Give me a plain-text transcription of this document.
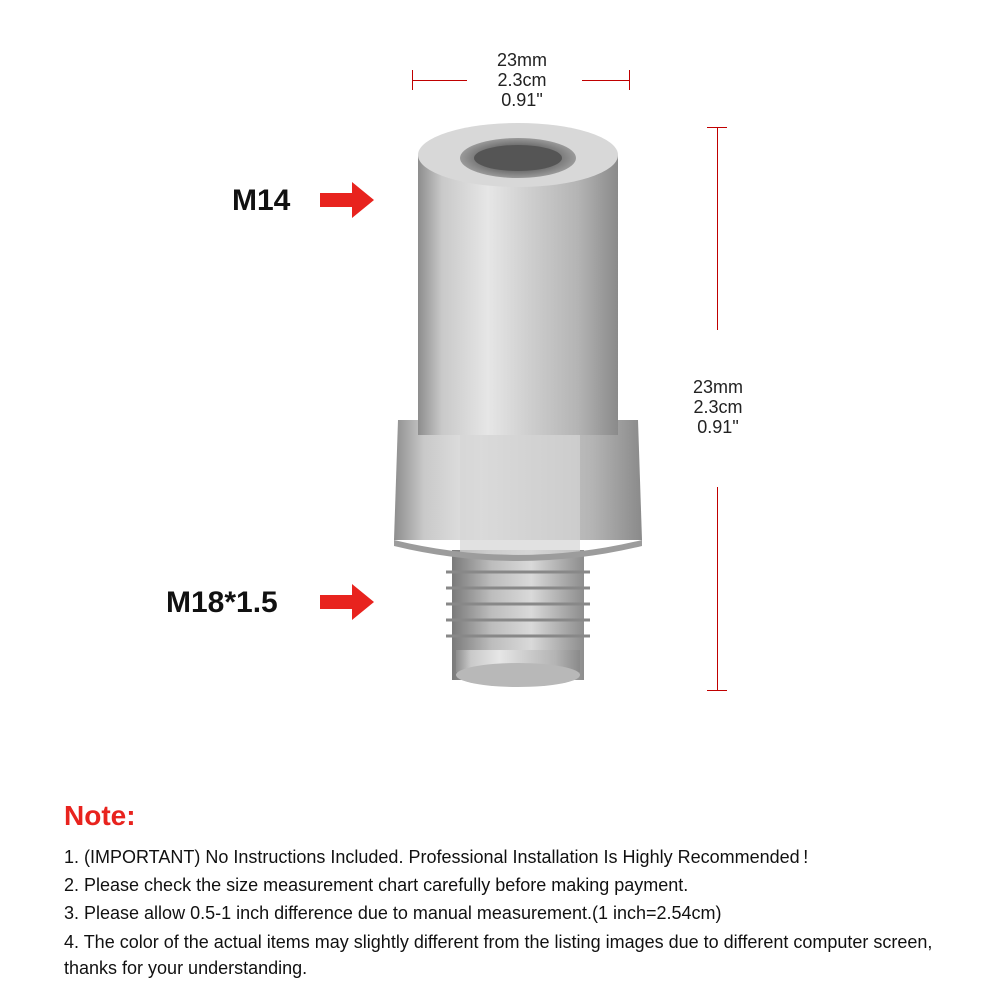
23mm
2.3cm
0.91"
23mm
2.3cm
0.91"
M14
M18*1.5
Note:

1. (IMPORTANT) No Instructions Included. Professional Installation Is Highly Recommended !

2. Please check the size measurement chart carefully before making payment.

3. Please allow 0.5-1 inch difference due to manual measurement.(1 inch=2.54cm)

4. The color of the actual items may slightly different from the listing images due to different computer screen, thanks for your understanding.
